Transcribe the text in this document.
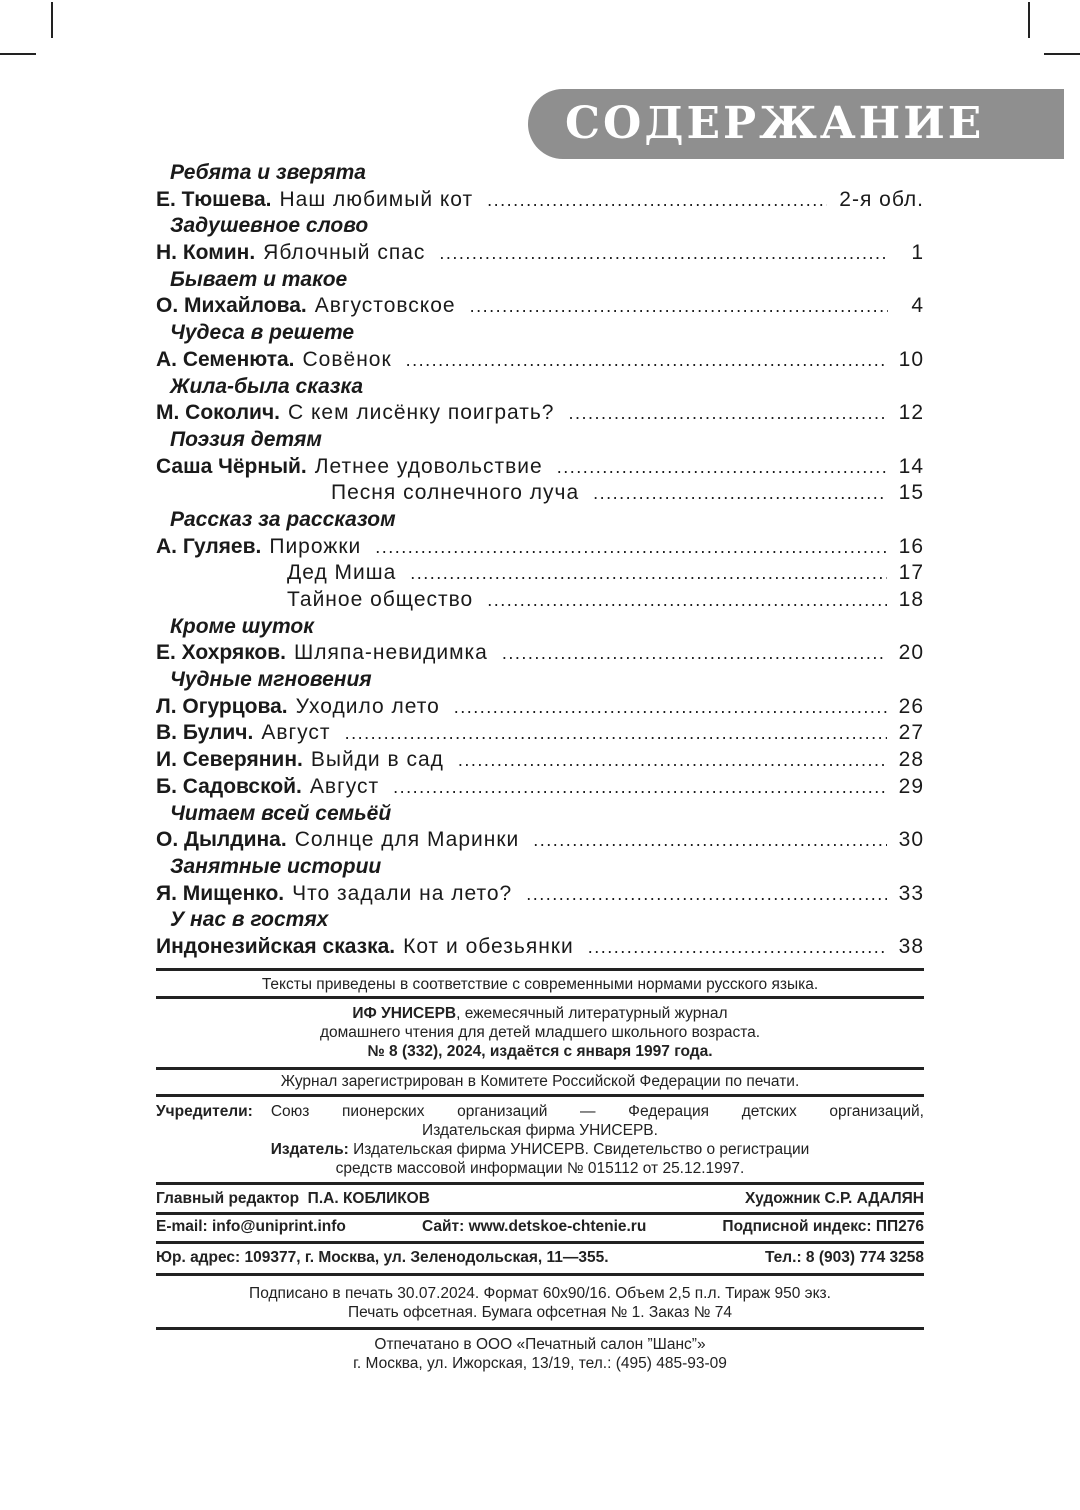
СОДЕРЖАНИЕ
Ребята и зверята
Е. Тюшева. Наш любимый кот .....	2-я обл.
Задушевное слово
Н. Комин. Яблочный спас .....	1
Бывает и такое
О. Михайлова. Августовское .....	4
Чудеса в решете
А. Семенюта. Совёнок .....	10
Жила-была сказка
М. Соколич. С кем лисёнку поиграть? .....	12
Поэзия детям
Саша Чёрный. Летнее удовольствие .....	14
Песня солнечного луча .....	15
Рассказ за рассказом
А. Гуляев. Пирожки .....	16
Дед Миша .....	17
Тайное общество .....	18
Кроме шуток
Е. Хохряков. Шляпа-невидимка .....	20
Чудные мгновения
Л. Огурцова. Уходило лето .....	26
В. Булич. Август .....	27
И. Северянин. Выйди в сад .....	28
Б. Садовской. Август .....	29
Читаем всей семьёй
О. Дылдина. Солнце для Маринки .....	30
Занятные истории
Я. Мищенко. Что задали на лето? .....	33
У нас в гостях
Индонезийская сказка. Кот и обезьянки .....	38
Тексты приведены в соответствие с современными нормами русского языка.
ИФ УНИСЕРВ, ежемесячный литературный журнал
домашнего чтения для детей младшего школьного возраста.
№ 8 (332), 2024, издаётся с января 1997 года.
Журнал зарегистрирован в Комитете Российской Федерации по печати.
Учредители: Союз пионерских организаций — Федерация детских организаций,
Издательская фирма УНИСЕРВ.
Издатель: Издательская фирма УНИСЕРВ. Свидетельство о регистрации
средств массовой информации № 015112 от 25.12.1997.
Главный редактор  П.А. КОБЛИКОВ	Художник С.Р. АДАЛЯН
E-mail: info@uniprint.info	Сайт: www.detskoe-chtenie.ru	Подписной индекс: ПП276
Юр. адрес: 109377, г. Москва, ул. Зеленодольская, 11—355.	Тел.: 8 (903) 774 3258
Подписано в печать 30.07.2024. Формат 60х90/16. Объем 2,5 п.л. Тираж 950 экз.
Печать офсетная. Бумага офсетная № 1. Заказ № 74
Отпечатано в ООО «Печатный салон ”Шанс”»
г. Москва, ул. Ижорская, 13/19, тел.: (495) 485-93-09
